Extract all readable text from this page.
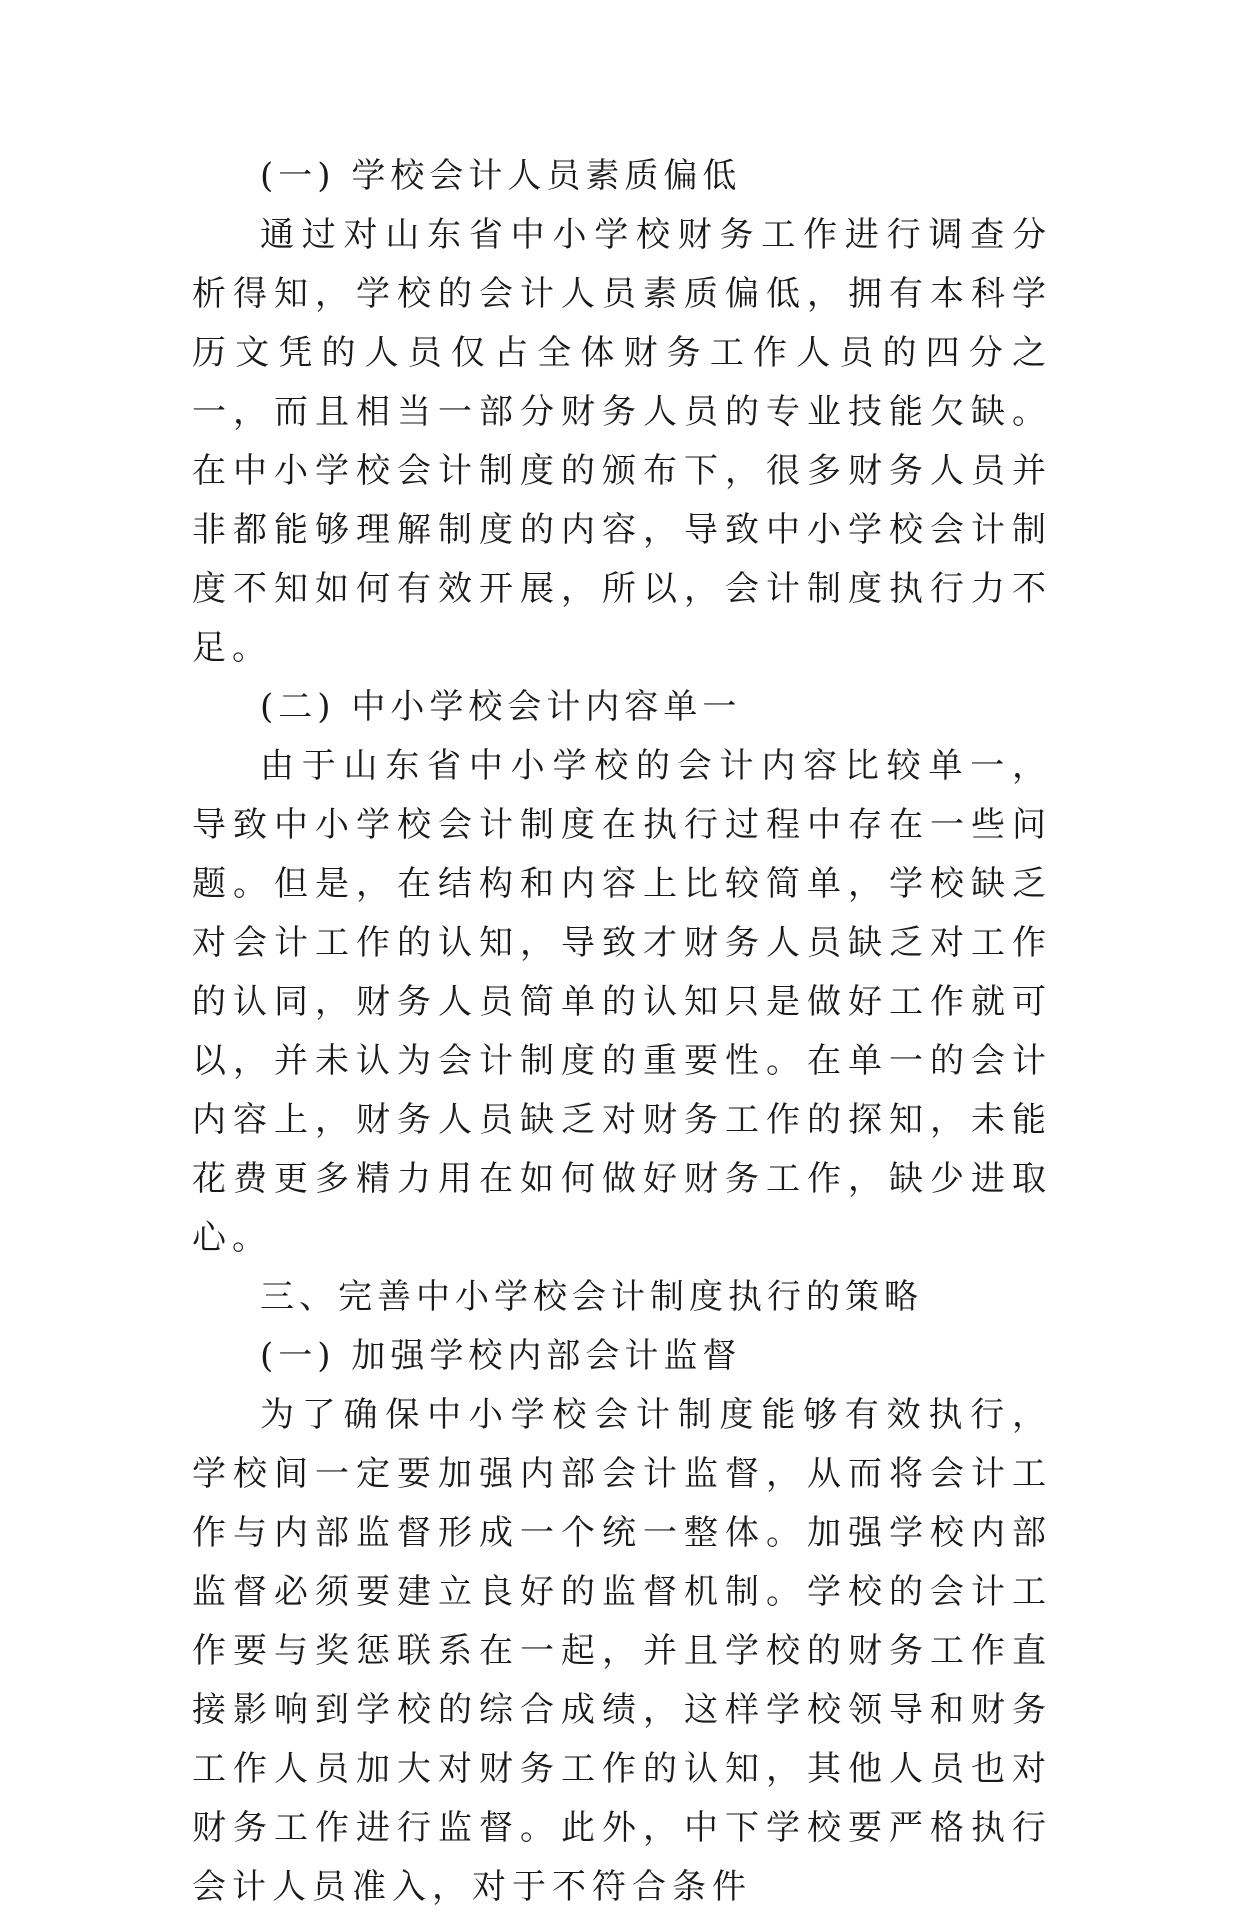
(一) 学校会计人员素质偏低

通过对山东省中小学校财务工作进行调查分析得知，学校的会计人员素质偏低，拥有本科学历文凭的人员仅占全体财务工作人员的四分之一，而且相当一部分财务人员的专业技能欠缺。在中小学校会计制度的颁布下，很多财务人员并非都能够理解制度的内容，导致中小学校会计制度不知如何有效开展，所以，会计制度执行力不足。

(二) 中小学校会计内容单一

由于山东省中小学校的会计内容比较单一，导致中小学校会计制度在执行过程中存在一些问题。但是，在结构和内容上比较简单，学校缺乏对会计工作的认知，导致才财务人员缺乏对工作的认同，财务人员简单的认知只是做好工作就可以，并未认为会计制度的重要性。在单一的会计内容上，财务人员缺乏对财务工作的探知，未能花费更多精力用在如何做好财务工作，缺少进取心。

三、完善中小学校会计制度执行的策略

(一) 加强学校内部会计监督

为了确保中小学校会计制度能够有效执行，学校间一定要加强内部会计监督，从而将会计工作与内部监督形成一个统一整体。加强学校内部监督必须要建立良好的监督机制。学校的会计工作要与奖惩联系在一起，并且学校的财务工作直接影响到学校的综合成绩，这样学校领导和财务工作人员加大对财务工作的认知，其他人员也对财务工作进行监督。此外，中下学校要严格执行会计人员准入，对于不符合条件
